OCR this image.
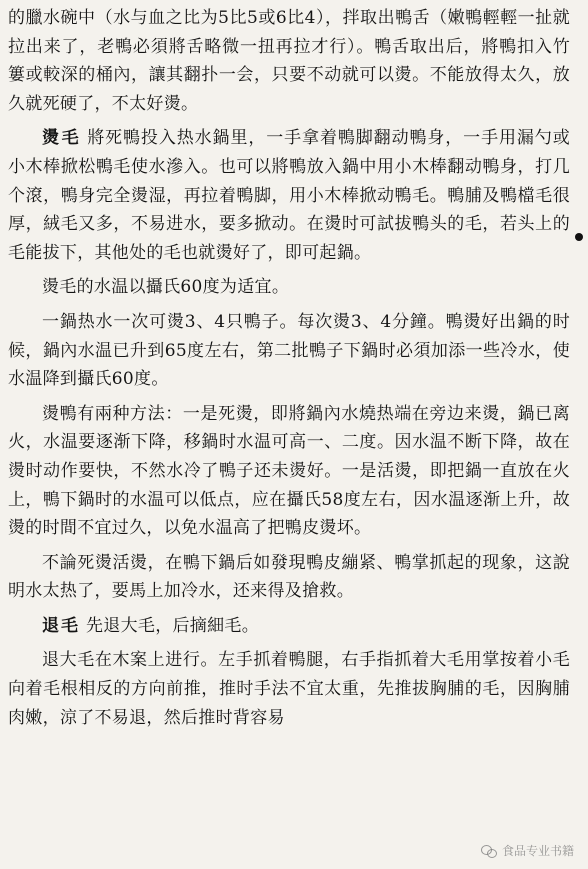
的臘水碗中（水与血之比为5比5或6比4），拌取出鴨舌（嫩鴨輕輕一扯就拉出来了，老鴨必須將舌略微一扭再拉才行）。鴨舌取出后，將鴨扣入竹簍或較深的桶內，讓其翻扑一会，只要不动就可以燙。不能放得太久，放久就死硬了，不太好燙。

燙毛 將死鴨投入热水鍋里，一手拿着鴨脚翻动鴨身，一手用漏勺或小木棒掀松鴨毛使水滲入。也可以將鴨放入鍋中用小木棒翻动鴨身，打几个滾，鴨身完全燙湿，再拉着鴨脚，用小木棒掀动鴨毛。鴨脯及鴨檔毛很厚，絨毛又多，不易进水，要多掀动。在燙时可試拔鴨头的毛，若头上的毛能拔下，其他处的毛也就燙好了，即可起鍋。

燙毛的水温以攝氏60度为适宜。

一鍋热水一次可燙3、4只鴨子。每次燙3、4分鐘。鴨燙好出鍋的时候，鍋內水温已升到65度左右，第二批鴨子下鍋时必須加添一些冷水，使水温降到攝氏60度。

燙鴨有兩种方法：一是死燙，即將鍋內水燒热端在旁边来燙，鍋已离火，水温要逐渐下降，移鍋时水温可高一、二度。因水温不断下降，故在燙时动作要快，不然水冷了鴨子还未燙好。一是活燙，即把鍋一直放在火上，鴨下鍋时的水温可以低点，应在攝氏58度左右，因水温逐渐上升，故燙的时間不宜过久，以免水温高了把鴨皮燙坏。

不論死燙活燙，在鴨下鍋后如發現鴨皮繃紧、鴨掌抓起的现象，这說明水太热了，要馬上加冷水，还来得及搶救。

退毛 先退大毛，后摘細毛。

退大毛在木案上进行。左手抓着鴨腿，右手指抓着大毛用掌按着小毛向着毛根相反的方向前推，推时手法不宜太重，先推拔胸脯的毛，因胸脯肉嫩，涼了不易退，然后推时背容易

食品专业书籍
